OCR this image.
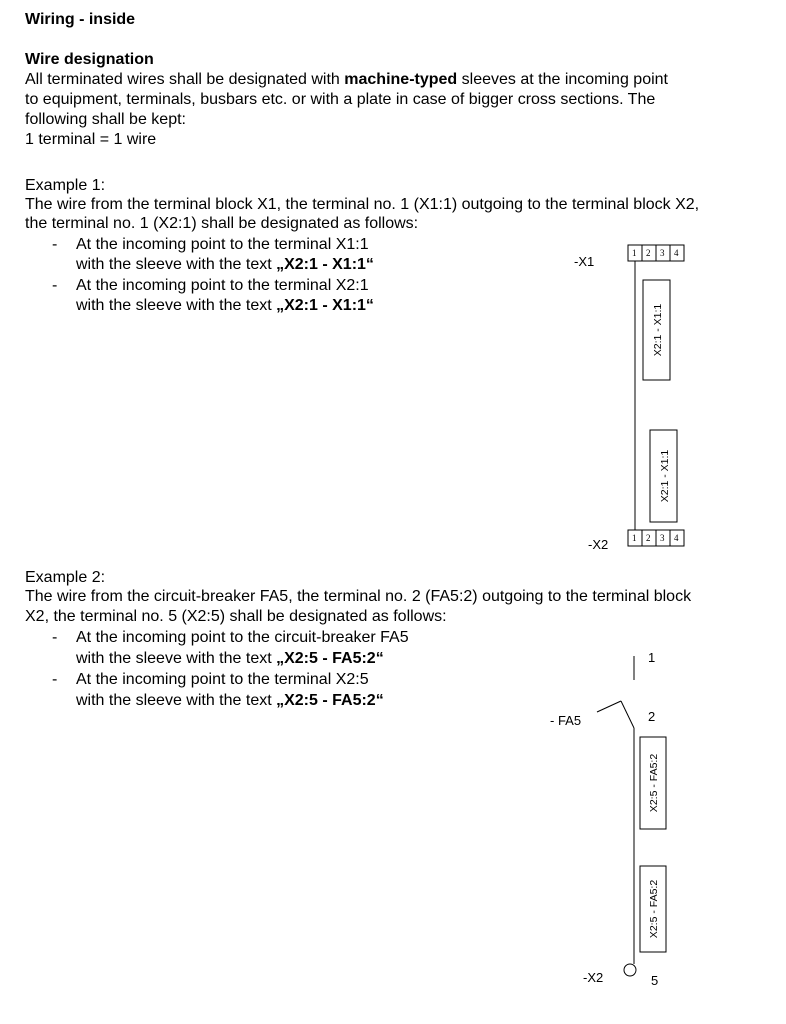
Wiring - inside
Wire designation
All terminated wires shall be designated with machine-typed sleeves at the incoming point
to equipment, terminals, busbars etc. or with a plate in case of bigger cross sections. The
following shall be kept:
1 terminal = 1 wire
Example 1:
The wire from the terminal block X1, the terminal no. 1 (X1:1) outgoing to the terminal block X2,
the terminal no. 1 (X2:1) shall be designated as follows:
- At the incoming point to the terminal X1:1
with the sleeve with the text „X2:1 - X1:1“
- At the incoming point to the terminal X2:1
with the sleeve with the text „X2:1 - X1:1“
Example 2:
The wire from the circuit-breaker FA5, the terminal no. 2 (FA5:2) outgoing to the terminal block
X2, the terminal no. 5 (X2:5) shall be designated as follows:
- At the incoming point to the circuit-breaker FA5
with the sleeve with the text „X2:5 - FA5:2“
- At the incoming point to the terminal X2:5
with the sleeve with the text „X2:5 - FA5:2“
-X1
-X2
- FA5
-X2
1
2
5
1 2 3 4
X2:1 - X1:1
X2:1 - X1:1
1 2 3 4
X2:5 - FA5:2
X2:5 - FA5:2
